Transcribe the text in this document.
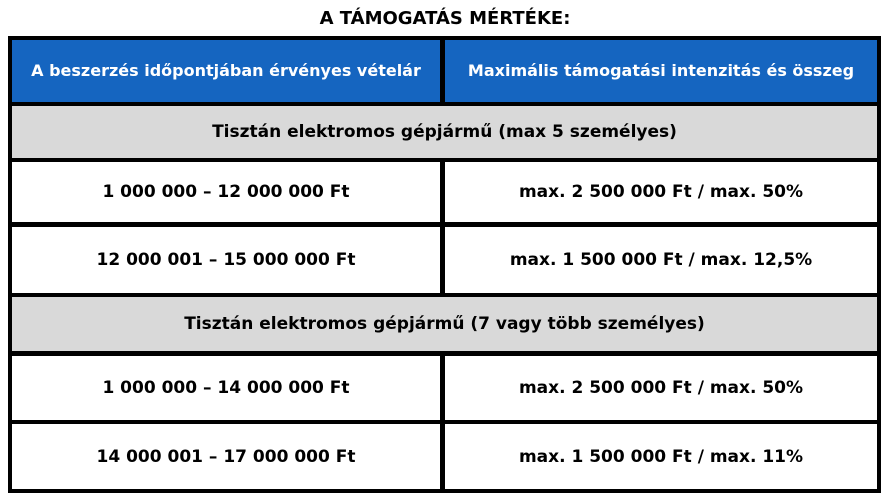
A TÁMOGATÁS MÉRTÉKE:
A beszerzés időpontjában érvényes vételár	Maximális támogatási intenzitás és összeg
Tisztán elektromos gépjármű (max 5 személyes)
1 000 000 – 12 000 000 Ft	max. 2 500 000 Ft / max. 50%
12 000 001 – 15 000 000 Ft	max. 1 500 000 Ft / max. 12,5%
Tisztán elektromos gépjármű (7 vagy több személyes)
1 000 000 – 14 000 000 Ft	max. 2 500 000 Ft / max. 50%
14 000 001 – 17 000 000 Ft	max. 1 500 000 Ft / max. 11%
